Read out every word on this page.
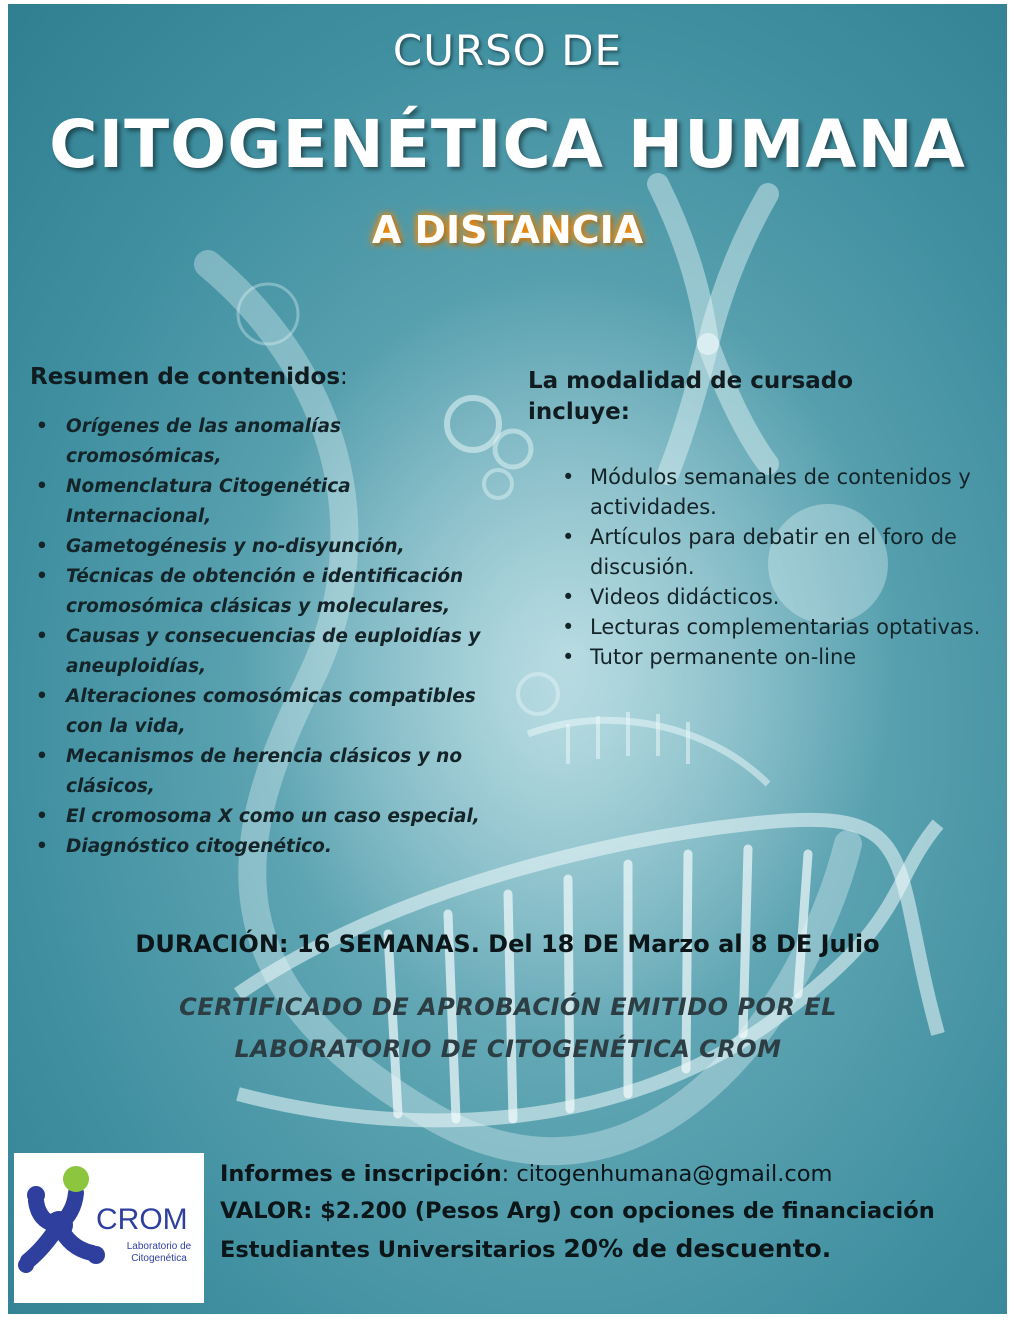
CURSO DE
CITOGENÉTICA HUMANA
A DISTANCIA
Resumen de contenidos:
• Orígenes de las anomalías cromosómicas,
• Nomenclatura Citogenética Internacional,
• Gametogénesis y no-disyunción,
• Técnicas de obtención e identificación cromosómica clásicas y moleculares,
• Causas y consecuencias de euploidías y aneuploidías,
• Alteraciones comosómicas compatibles con la vida,
• Mecanismos de herencia clásicos y no clásicos,
• El cromosoma X como un caso especial,
• Diagnóstico citogenético.
La modalidad de cursado incluye:
• Módulos semanales de contenidos y actividades.
• Artículos para debatir en el foro de discusión.
• Videos didácticos.
• Lecturas complementarias optativas.
• Tutor permanente on-line
DURACIÓN: 16 SEMANAS. Del 18 DE Marzo al 8 DE Julio
CERTIFICADO DE APROBACIÓN EMITIDO POR EL
LABORATORIO DE CITOGENÉTICA CROM
CROM
Laboratorio de
Citogenética
Informes e inscripción: citogenhumana@gmail.com
VALOR: $2.200 (Pesos Arg) con opciones de financiación
Estudiantes Universitarios 20% de descuento.
